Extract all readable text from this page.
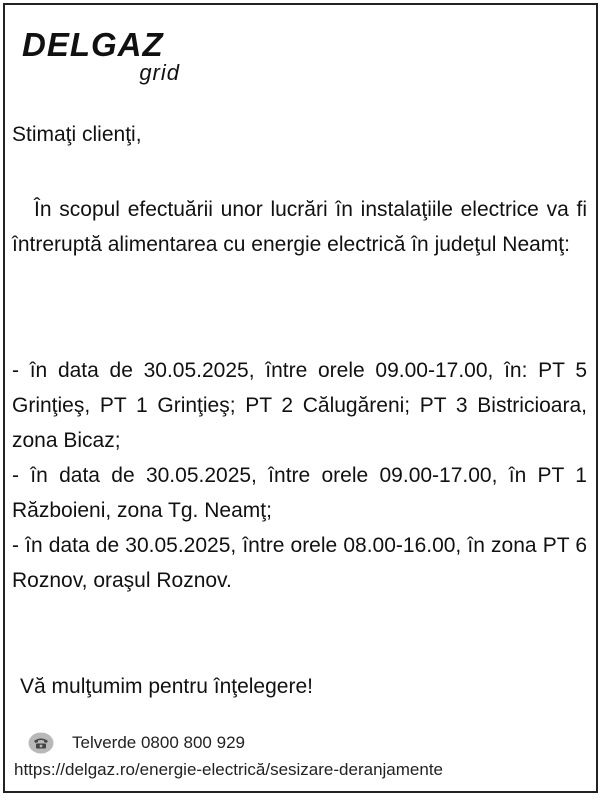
DELGAZ
grid
Stimaţi clienţi,
În scopul efectuării unor lucrări în instalaţiile electrice va fi întreruptă alimentarea cu energie electrică în judeţul Neamţ:

- în data de 30.05.2025, între orele 09.00-17.00, în: PT 5 Grinţieş, PT 1 Grinţieş; PT 2 Călugăreni; PT 3 Bistricioara, zona Bicaz;

- în data de 30.05.2025, între orele 09.00-17.00, în PT 1 Războieni, zona Tg. Neamţ;

- în data de 30.05.2025, între orele 08.00-16.00, în zona PT 6 Roznov, oraşul Roznov.

Vă mulţumim pentru înţelegere!
Telverde 0800 800 929
https://delgaz.ro/energie-electrică/sesizare-deranjamente
